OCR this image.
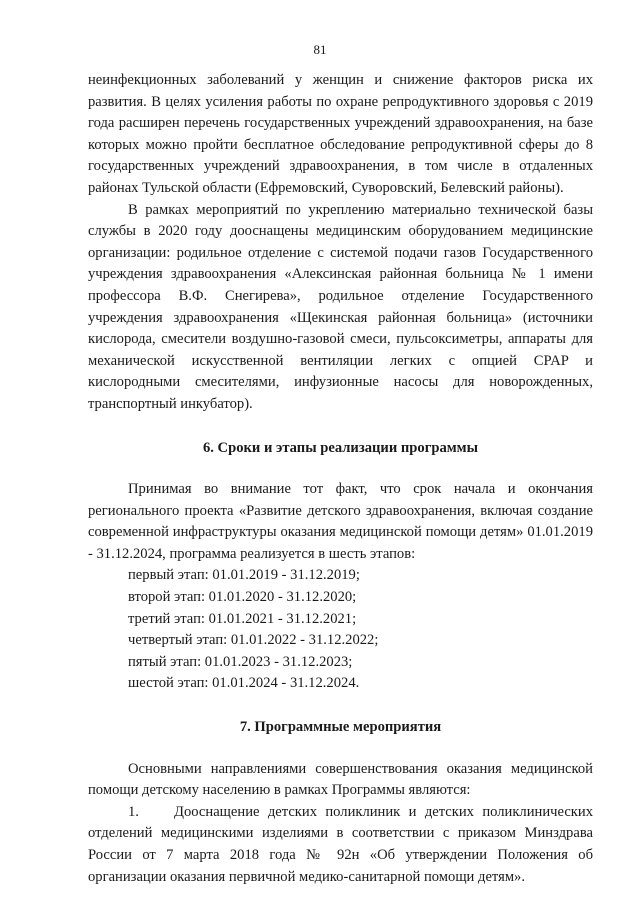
81

неинфекционных заболеваний у женщин и снижение факторов риска их развития. В целях усиления работы по охране репродуктивного здоровья с 2019 года расширен перечень государственных учреждений здравоохранения, на базе которых можно пройти бесплатное обследование репродуктивной сферы до 8 государственных учреждений здравоохранения, в том числе в отдаленных районах Тульской области (Ефремовский, Суворовский, Белевский районы).

В рамках мероприятий по укреплению материально технической базы службы в 2020 году дооснащены медицинским оборудованием медицинские организации: родильное отделение с системой подачи газов Государственного учреждения здравоохранения «Алексинская районная больница № 1 имени профессора В.Ф. Снегирева», родильное отделение Государственного учреждения здравоохранения «Щекинская районная больница» (источники кислорода, смесители воздушно-газовой смеси, пульсоксиметры, аппараты для механической искусственной вентиляции легких с опцией CPAP и кислородными смесителями, инфузионные насосы для новорожденных, транспортный инкубатор).

6. Сроки и этапы реализации программы

Принимая во внимание тот факт, что срок начала и окончания регионального проекта «Развитие детского здравоохранения, включая создание современной инфраструктуры оказания медицинской помощи детям» 01.01.2019 - 31.12.2024, программа реализуется в шесть этапов:

первый этап: 01.01.2019 - 31.12.2019;
второй этап: 01.01.2020 - 31.12.2020;
третий этап: 01.01.2021 - 31.12.2021;
четвертый этап: 01.01.2022 - 31.12.2022;
пятый этап: 01.01.2023 - 31.12.2023;
шестой этап: 01.01.2024 - 31.12.2024.

7. Программные мероприятия

Основными направлениями совершенствования оказания медицинской помощи детскому населению в рамках Программы являются:

1. Дооснащение детских поликлиник и детских поликлинических отделений медицинскими изделиями в соответствии с приказом Минздрава России от 7 марта 2018 года № 92н «Об утверждении Положения об организации оказания первичной медико-санитарной помощи детям».
